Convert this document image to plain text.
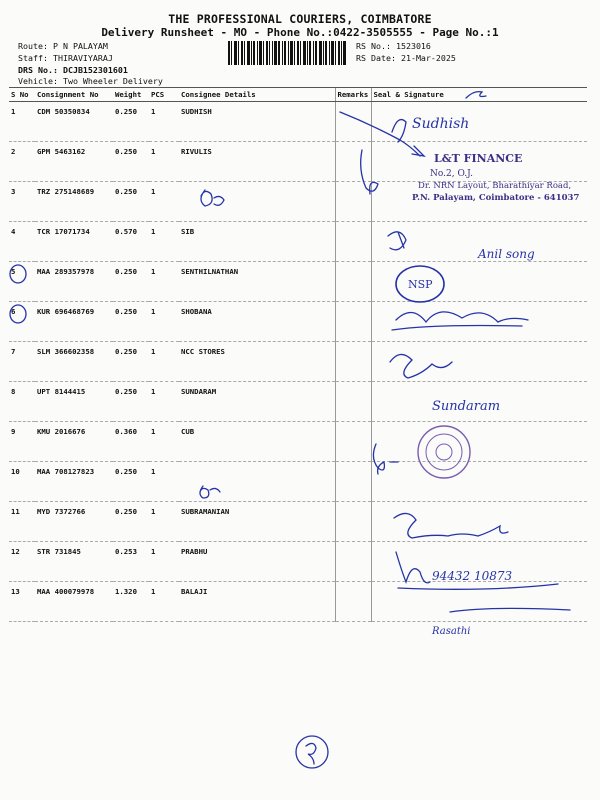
THE PROFESSIONAL COURIERS, COIMBATORE
Delivery Runsheet - MO - Phone No.:0422-3505555 - Page No.:1
Route: P N PALAYAM
Staff: THIRAVIYARAJ
DRS No.: DCJB152301601
Vehicle: Two Wheeler Delivery
RS No.: 1523016
RS Date: 21-Mar-2025
S No	Consignment No	Weight	PCS	Consignee Details	Remarks	Seal & Signature
1	CDM 50350834	0.250	1	SUDHISH		
2	GPM 5463162	0.250	1	RIVULIS		
3	TRZ 275148689	0.250	1			
4	TCR 17071734	0.570	1	SIB		
5	MAA 289357978	0.250	1	SENTHILNATHAN		
6	KUR 696468769	0.250	1	SHOBANA		
7	SLM 366602358	0.250	1	NCC STORES		
8	UPT 8144415	0.250	1	SUNDARAM		
9	KMU 2016676	0.360	1	CUB		
10	MAA 708127823	0.250	1			
11	MYD 7372766	0.250	1	SUBRAMANIAN		
12	STR 731845	0.253	1	PRABHU		
13	MAA 400079978	1.320	1	BALAJI		
L&T FINANCE
No.2, O.J.
Dr. NRN Layout, Bharathiyar Road,
P.N. Palayam, Coimbatore - 641037
Sudhish
Anil song
Sundaram
94432 10873
Rasathi
NSP
